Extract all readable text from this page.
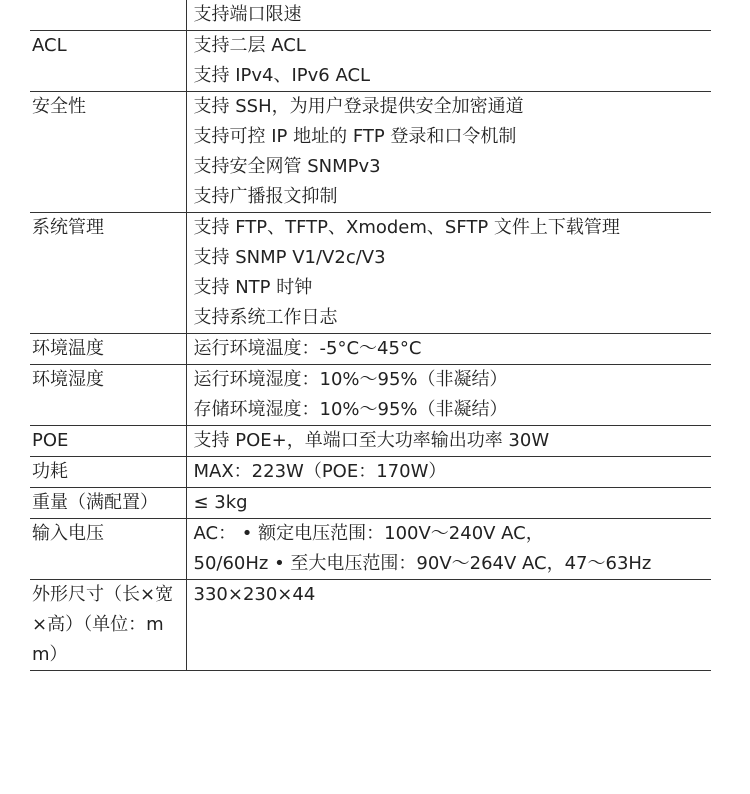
	支持端口限速

ACL	支持二层 ACL
支持 IPv4、IPv6 ACL

安全性	支持 SSH，为用户登录提供安全加密通道
支持可控 IP 地址的 FTP 登录和口令机制
支持安全网管 SNMPv3
支持广播报文抑制

系统管理	支持 FTP、TFTP、Xmodem、SFTP 文件上下载管理
支持 SNMP V1/V2c/V3
支持 NTP 时钟
支持系统工作日志

环境温度	运行环境温度：-5°C～45°C

环境湿度	运行环境湿度：10%～95%（非凝结）
存储环境湿度：10%～95%（非凝结）

POE	支持 POE+，单端口至大功率输出功率 30W

功耗	MAX：223W（POE：170W）

重量（满配置）	≤ 3kg

输入电压	AC： • 额定电压范围：100V～240V AC，
50/60Hz • 至大电压范围：90V～264V AC，47～63Hz

外形尺寸（长×宽×高）（单位：mm）	330×230×44
